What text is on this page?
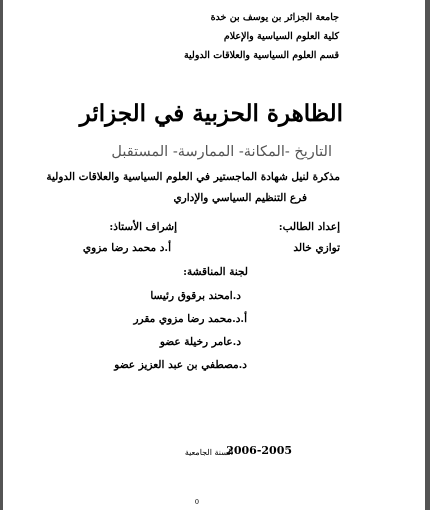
جامعة الجزائر بن يوسف بن خدة

كلية العلوم السياسية والإعلام

قسم العلوم السياسية والعلاقات الدولية

الظاهرة الحزبية في الجزائر

التاريخ -المكانة- الممارسة- المستقبل

مذكرة لنيل شهادة الماجستير في العلوم السياسية والعلاقات الدولية

فرع التنظيم السياسي والإداري

إعداد الطالب:

إشراف الأستاذ:

توازي خالد

أ.د محمد رضا مزوي

لجنة المناقشة:

د.امحند برقوق رئيسا

أ.د.محمد رضا مزوي مقرر

د.عامر رخيلة عضو

د.مصطفي بن عبد العزيز عضو

السنة الجامعية

2006-2005

0
